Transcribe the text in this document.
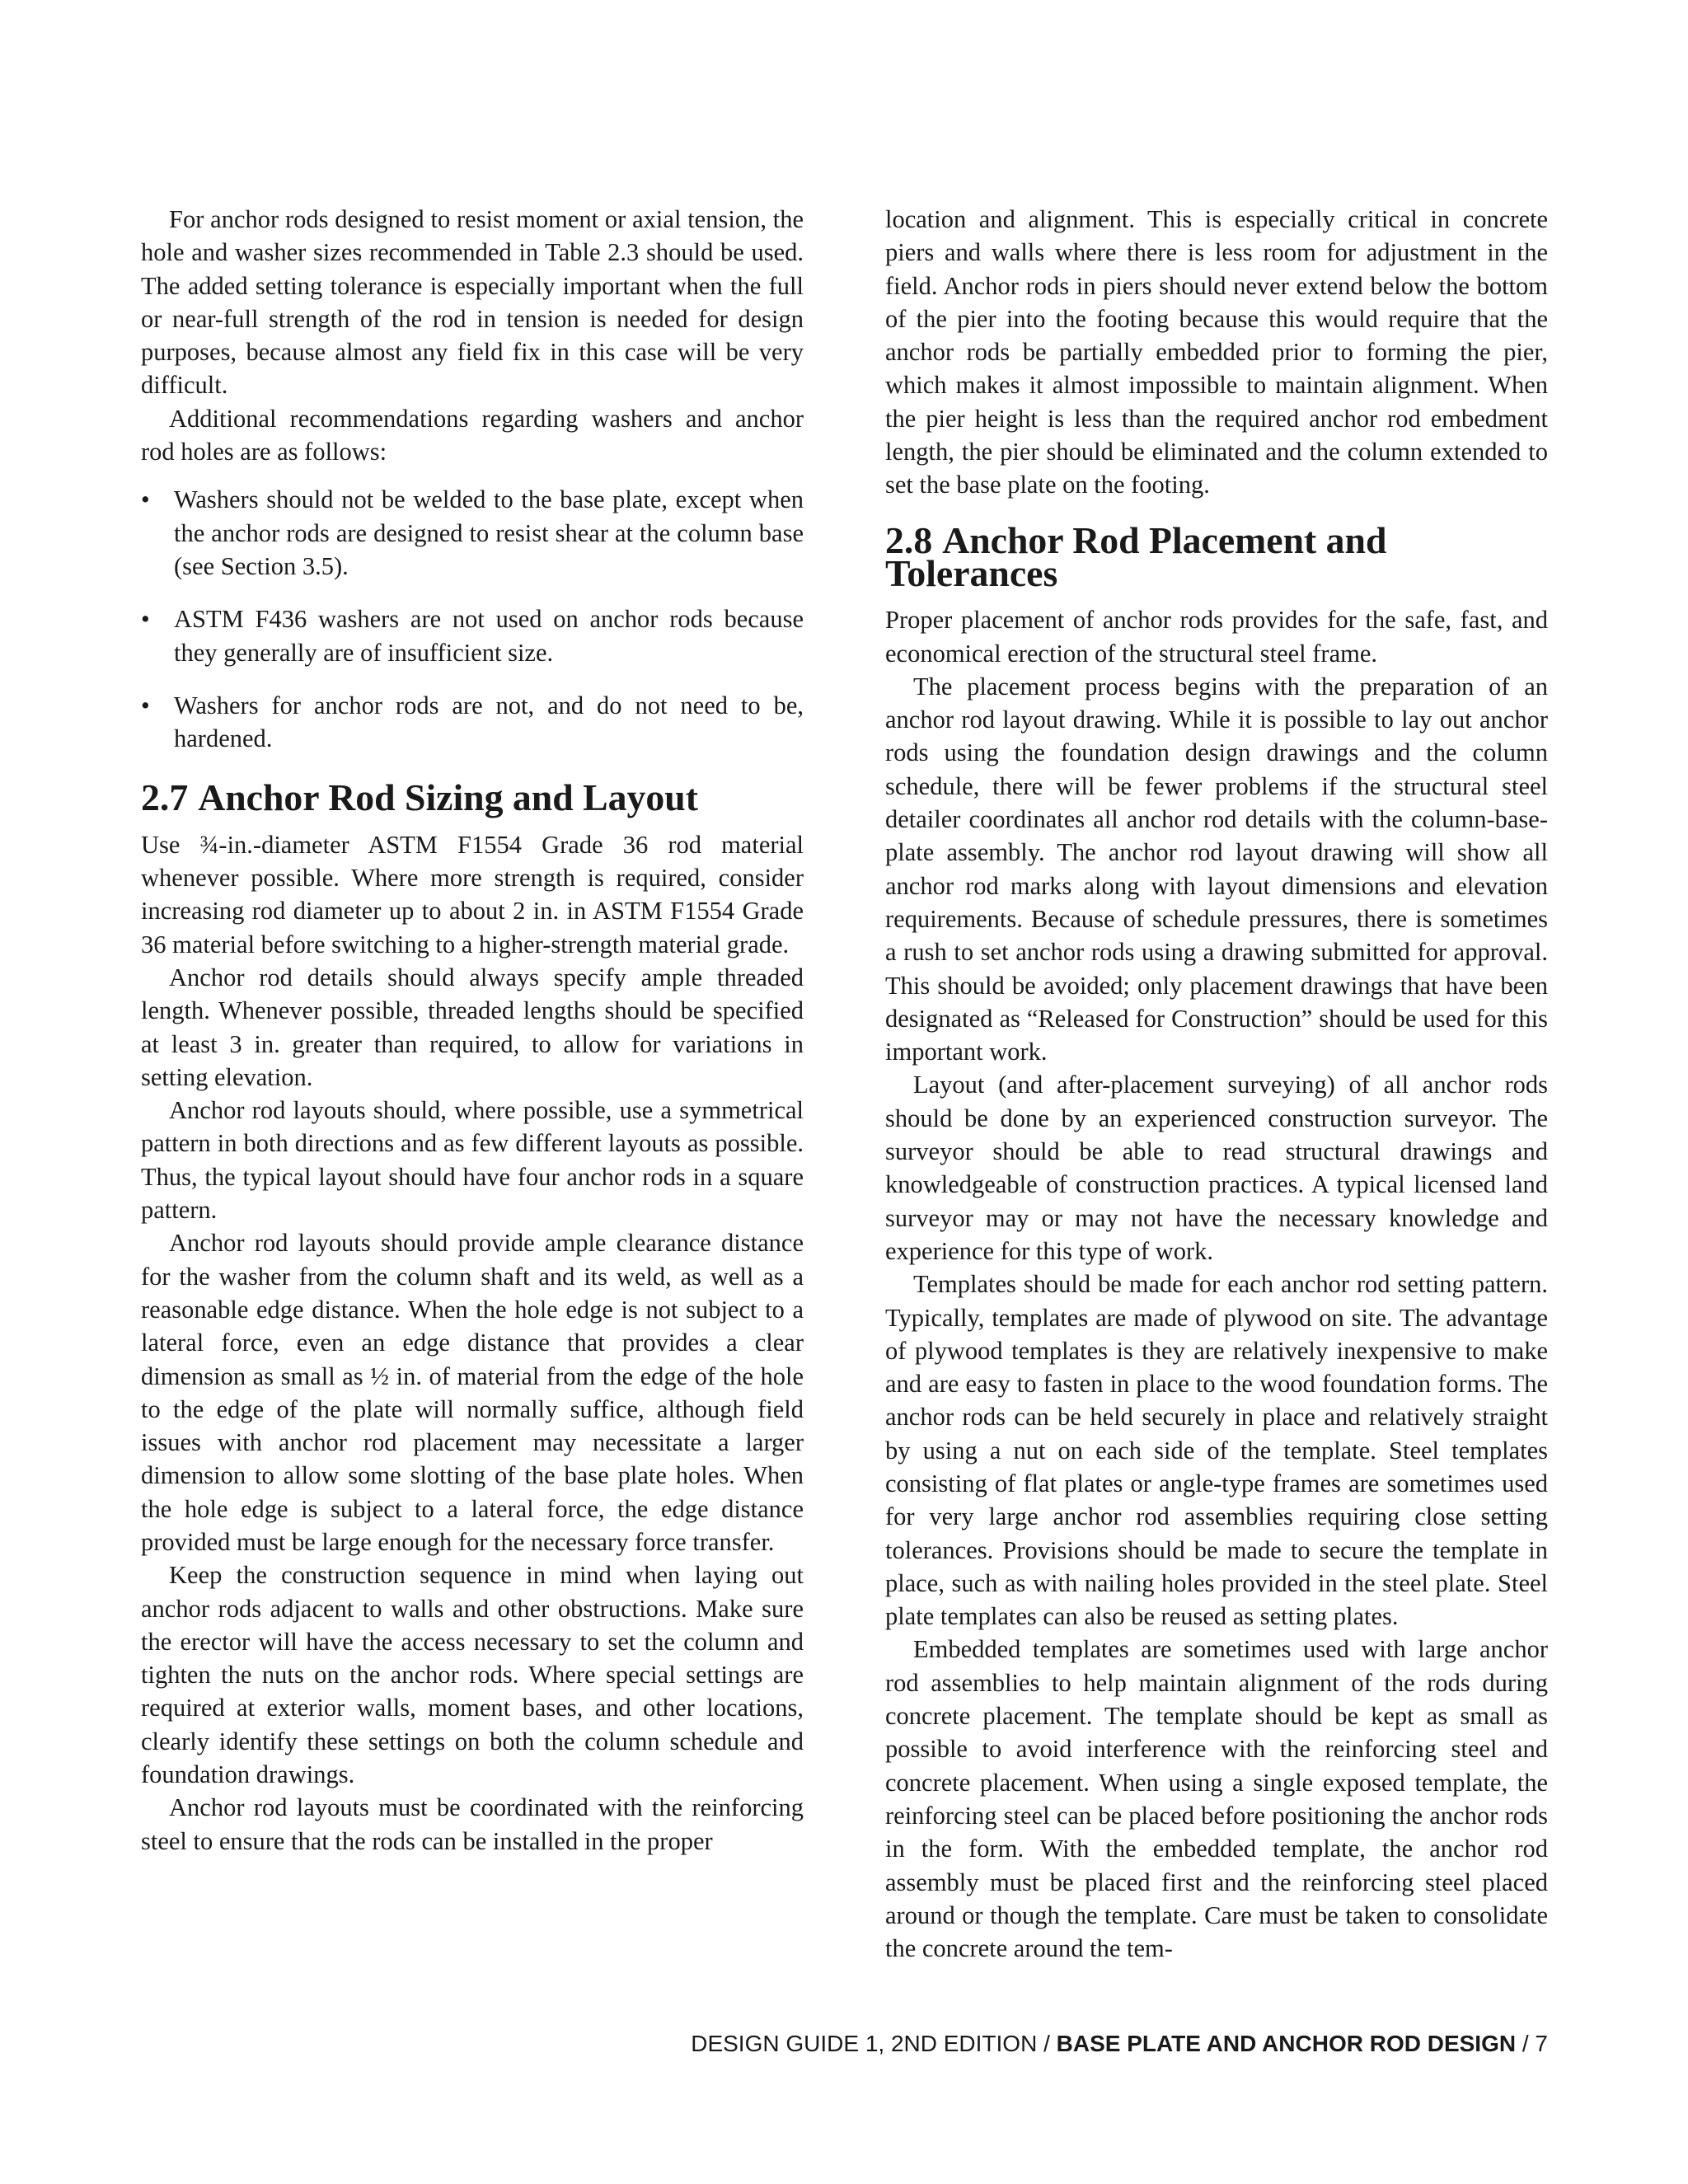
For anchor rods designed to resist moment or axial tension, the hole and washer sizes recommended in Table 2.3 should be used. The added setting tolerance is especially important when the full or near-full strength of the rod in tension is needed for design purposes, because almost any field fix in this case will be very difficult.

Additional recommendations regarding washers and anchor rod holes are as follows:

• Washers should not be welded to the base plate, except when the anchor rods are designed to resist shear at the column base (see Section 3.5).
• ASTM F436 washers are not used on anchor rods because they generally are of insufficient size.
• Washers for anchor rods are not, and do not need to be, hardened.
2.7 Anchor Rod Sizing and Layout

Use ¾-in.-diameter ASTM F1554 Grade 36 rod material whenever possible. Where more strength is required, consider increasing rod diameter up to about 2 in. in ASTM F1554 Grade 36 material before switching to a higher-strength material grade.

Anchor rod details should always specify ample threaded length. Whenever possible, threaded lengths should be specified at least 3 in. greater than required, to allow for variations in setting elevation.

Anchor rod layouts should, where possible, use a symmetrical pattern in both directions and as few different layouts as possible. Thus, the typical layout should have four anchor rods in a square pattern.

Anchor rod layouts should provide ample clearance distance for the washer from the column shaft and its weld, as well as a reasonable edge distance. When the hole edge is not subject to a lateral force, even an edge distance that provides a clear dimension as small as ½ in. of material from the edge of the hole to the edge of the plate will normally suffice, although field issues with anchor rod placement may necessitate a larger dimension to allow some slotting of the base plate holes. When the hole edge is subject to a lateral force, the edge distance provided must be large enough for the necessary force transfer.

Keep the construction sequence in mind when laying out anchor rods adjacent to walls and other obstructions. Make sure the erector will have the access necessary to set the column and tighten the nuts on the anchor rods. Where special settings are required at exterior walls, moment bases, and other locations, clearly identify these settings on both the column schedule and foundation drawings.

Anchor rod layouts must be coordinated with the reinforcing steel to ensure that the rods can be installed in the proper

location and alignment. This is especially critical in concrete piers and walls where there is less room for adjustment in the field. Anchor rods in piers should never extend below the bottom of the pier into the footing because this would require that the anchor rods be partially embedded prior to forming the pier, which makes it almost impossible to maintain alignment. When the pier height is less than the required anchor rod embedment length, the pier should be eliminated and the column extended to set the base plate on the footing.

2.8 Anchor Rod Placement and Tolerances

Proper placement of anchor rods provides for the safe, fast, and economical erection of the structural steel frame.

The placement process begins with the preparation of an anchor rod layout drawing. While it is possible to lay out anchor rods using the foundation design drawings and the column schedule, there will be fewer problems if the structural steel detailer coordinates all anchor rod details with the column-base-plate assembly. The anchor rod layout drawing will show all anchor rod marks along with layout dimensions and elevation requirements. Because of schedule pressures, there is sometimes a rush to set anchor rods using a drawing submitted for approval. This should be avoided; only placement drawings that have been designated as “Released for Construction” should be used for this important work.

Layout (and after-placement surveying) of all anchor rods should be done by an experienced construction surveyor. The surveyor should be able to read structural drawings and knowledgeable of construction practices. A typical licensed land surveyor may or may not have the necessary knowledge and experience for this type of work.

Templates should be made for each anchor rod setting pattern. Typically, templates are made of plywood on site. The advantage of plywood templates is they are relatively inexpensive to make and are easy to fasten in place to the wood foundation forms. The anchor rods can be held securely in place and relatively straight by using a nut on each side of the template. Steel templates consisting of flat plates or angle-type frames are sometimes used for very large anchor rod assemblies requiring close setting tolerances. Provisions should be made to secure the template in place, such as with nailing holes provided in the steel plate. Steel plate templates can also be reused as setting plates.

Embedded templates are sometimes used with large anchor rod assemblies to help maintain alignment of the rods during concrete placement. The template should be kept as small as possible to avoid interference with the reinforcing steel and concrete placement. When using a single exposed template, the reinforcing steel can be placed before positioning the anchor rods in the form. With the embedded template, the anchor rod assembly must be placed first and the reinforcing steel placed around or though the template. Care must be taken to consolidate the concrete around the tem-

DESIGN GUIDE 1, 2ND EDITION / BASE PLATE AND ANCHOR ROD DESIGN / 7
